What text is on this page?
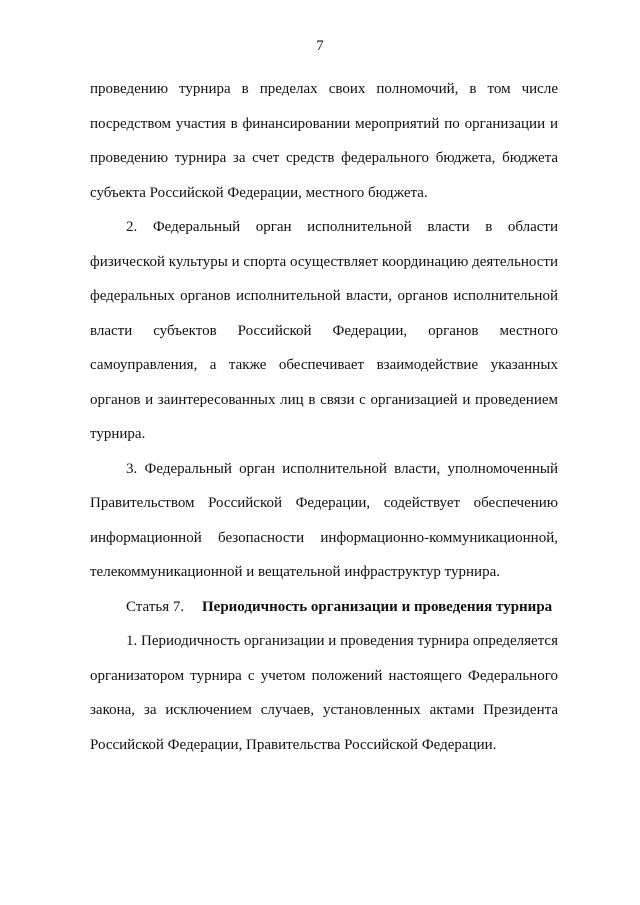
7

проведению турнира в пределах своих полномочий, в том числе посредством участия в финансировании мероприятий по организации и проведению турнира за счет средств федерального бюджета, бюджета субъекта Российской Федерации, местного бюджета.

2. Федеральный орган исполнительной власти в области физической культуры и спорта осуществляет координацию деятельности федеральных органов исполнительной власти, органов исполнительной власти субъектов Российской Федерации, органов местного самоуправления, а также обеспечивает взаимодействие указанных органов и заинтересованных лиц в связи с организацией и проведением турнира.

3. Федеральный орган исполнительной власти, уполномоченный Правительством Российской Федерации, содействует обеспечению информационной безопасности информационно-коммуникационной, телекоммуникационной и вещательной инфраструктур турнира.

Статья 7. Периодичность организации и проведения турнира

1. Периодичность организации и проведения турнира определяется организатором турнира с учетом положений настоящего Федерального закона, за исключением случаев, установленных актами Президента Российской Федерации, Правительства Российской Федерации.
